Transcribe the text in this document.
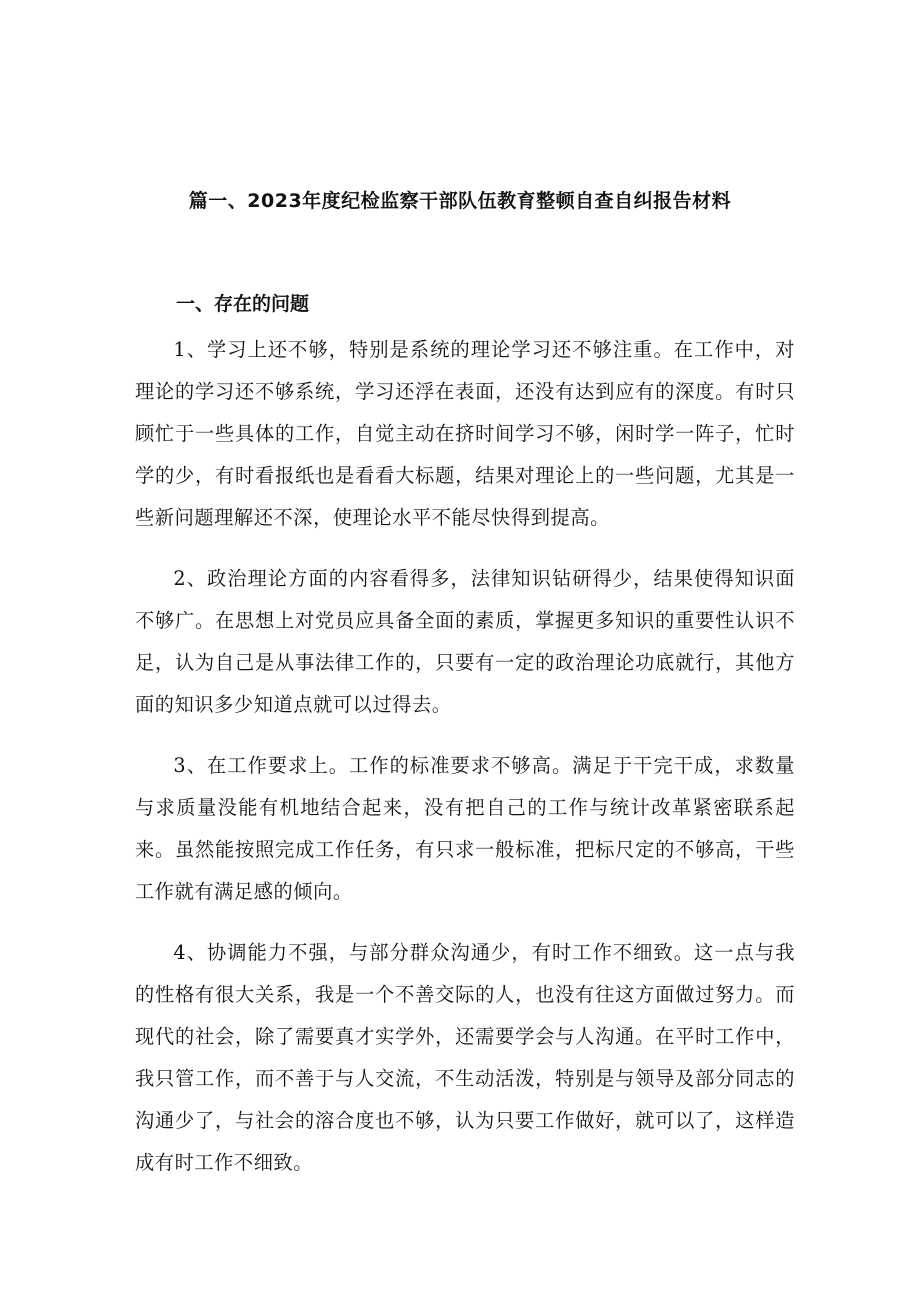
篇一、2023年度纪检监察干部队伍教育整顿自查自纠报告材料
一、存在的问题

1、学习上还不够，特别是系统的理论学习还不够注重。在工作中，对理论的学习还不够系统，学习还浮在表面，还没有达到应有的深度。有时只顾忙于一些具体的工作，自觉主动在挤时间学习不够，闲时学一阵子，忙时学的少，有时看报纸也是看看大标题，结果对理论上的一些问题，尤其是一些新问题理解还不深，使理论水平不能尽快得到提高。

2、政治理论方面的内容看得多，法律知识钻研得少，结果使得知识面不够广。在思想上对党员应具备全面的素质，掌握更多知识的重要性认识不足，认为自己是从事法律工作的，只要有一定的政治理论功底就行，其他方面的知识多少知道点就可以过得去。

3、在工作要求上。工作的标准要求不够高。满足于干完干成，求数量与求质量没能有机地结合起来，没有把自己的工作与统计改革紧密联系起来。虽然能按照完成工作任务，有只求一般标准，把标尺定的不够高，干些工作就有满足感的倾向。

4、协调能力不强，与部分群众沟通少，有时工作不细致。这一点与我的性格有很大关系，我是一个不善交际的人，也没有往这方面做过努力。而现代的社会，除了需要真才实学外，还需要学会与人沟通。在平时工作中，我只管工作，而不善于与人交流，不生动活泼，特别是与领导及部分同志的沟通少了，与社会的溶合度也不够，认为只要工作做好，就可以了，这样造成有时工作不细致。
